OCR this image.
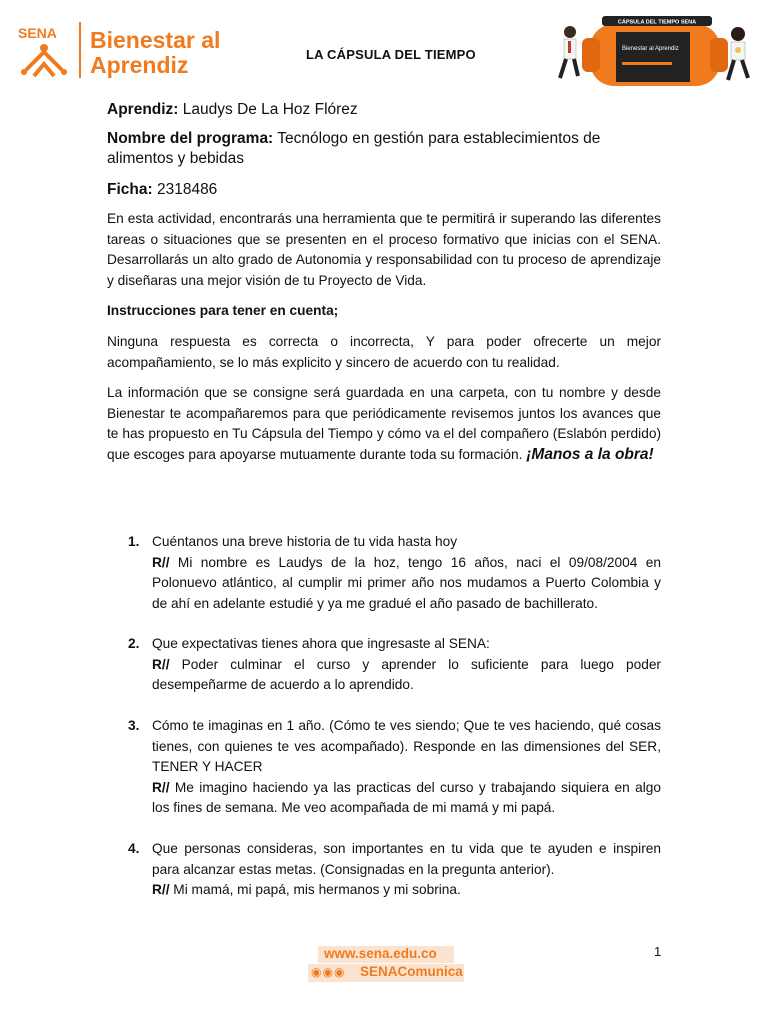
SENA Bienestar al
Aprendiz	LA CÁPSULA DEL TIEMPO
CÁPSULA DEL TIEMPO SENA
Bienestar al Aprendiz
Aprendiz: Laudys De La Hoz Flórez
Nombre del programa: Tecnólogo en gestión para establecimientos de alimentos y bebidas
Ficha: 2318486
En esta actividad, encontrarás una herramienta que te permitirá ir superando las diferentes tareas o situaciones que se presenten en el proceso formativo que inicias con el SENA. Desarrollarás un alto grado de Autonomia y responsabilidad con tu proceso de aprendizaje y diseñaras una mejor visión de tu Proyecto de Vida.
Instrucciones para tener en cuenta;
Ninguna respuesta es correcta o incorrecta, Y para poder ofrecerte un mejor acompañamiento, se lo más explicito y sincero de acuerdo con tu realidad.
La información que se consigne será guardada en una carpeta, con tu nombre y desde Bienestar te acompañaremos para que periódicamente revisemos juntos los avances que te has propuesto en Tu Cápsula del Tiempo y cómo va el del compañero (Eslabón perdido) que escoges para apoyarse mutuamente durante toda su formación. ¡Manos a la obra!
1. Cuéntanos una breve historia de tu vida hasta hoy
R// Mi nombre es Laudys de la hoz, tengo 16 años, naci el 09/08/2004 en Polonuevo atlántico, al cumplir mi primer año nos mudamos a Puerto Colombia y de ahí en adelante estudié y ya me gradué el año pasado de bachillerato.
2. Que expectativas tienes ahora que ingresaste al SENA:
R// Poder culminar el curso y aprender lo suficiente para luego poder desempeñarme de acuerdo a lo aprendido.
3. Cómo te imaginas en 1 año. (Cómo te ves siendo; Que te ves haciendo, qué cosas tienes, con quienes te ves acompañado). Responde en las dimensiones del SER, TENER Y HACER
R// Me imagino haciendo ya las practicas del curso y trabajando siquiera en algo los fines de semana. Me veo acompañada de mi mamá y mi papá.
4. Que personas consideras, son importantes en tu vida que te ayuden e inspiren para alcanzar estas metas. (Consignadas en la pregunta anterior).
R// Mi mamá, mi papá, mis hermanos y mi sobrina.
1
www.sena.edu.co
◉◉◉ SENAComunica
